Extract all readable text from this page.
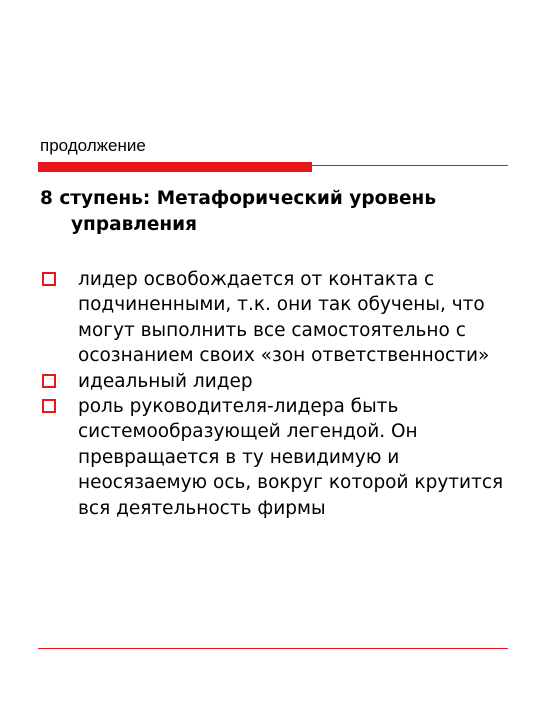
продолжение
8 ступень: Метафорический уровень управления
лидер освобождается от контакта с подчиненными, т.к. они так обучены, что могут выполнить все самостоятельно с осознанием своих «зон ответственности»
идеальный лидер
роль руководителя-лидера быть системообразующей легендой. Он превращается в ту невидимую и неосязаемую ось, вокруг которой крутится вся деятельность фирмы
